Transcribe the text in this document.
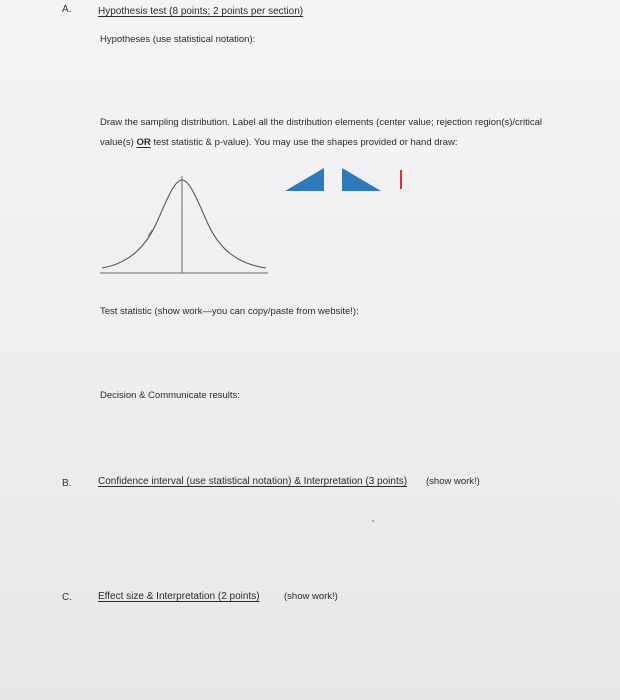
A.	Hypothesis test (8 points; 2 points per section)
Hypotheses (use statistical notation):
Draw the sampling distribution. Label all the distribution elements (center value; rejection region(s)/critical
value(s) OR test statistic & p-value). You may use the shapes provided or hand draw:
Test statistic (show work—you can copy/paste from website!):
Decision & Communicate results:
B.	Confidence interval (use statistical notation) & Interpretation (3 points) (show work!)
C.	Effect size & Interpretation (2 points)	(show work!)
